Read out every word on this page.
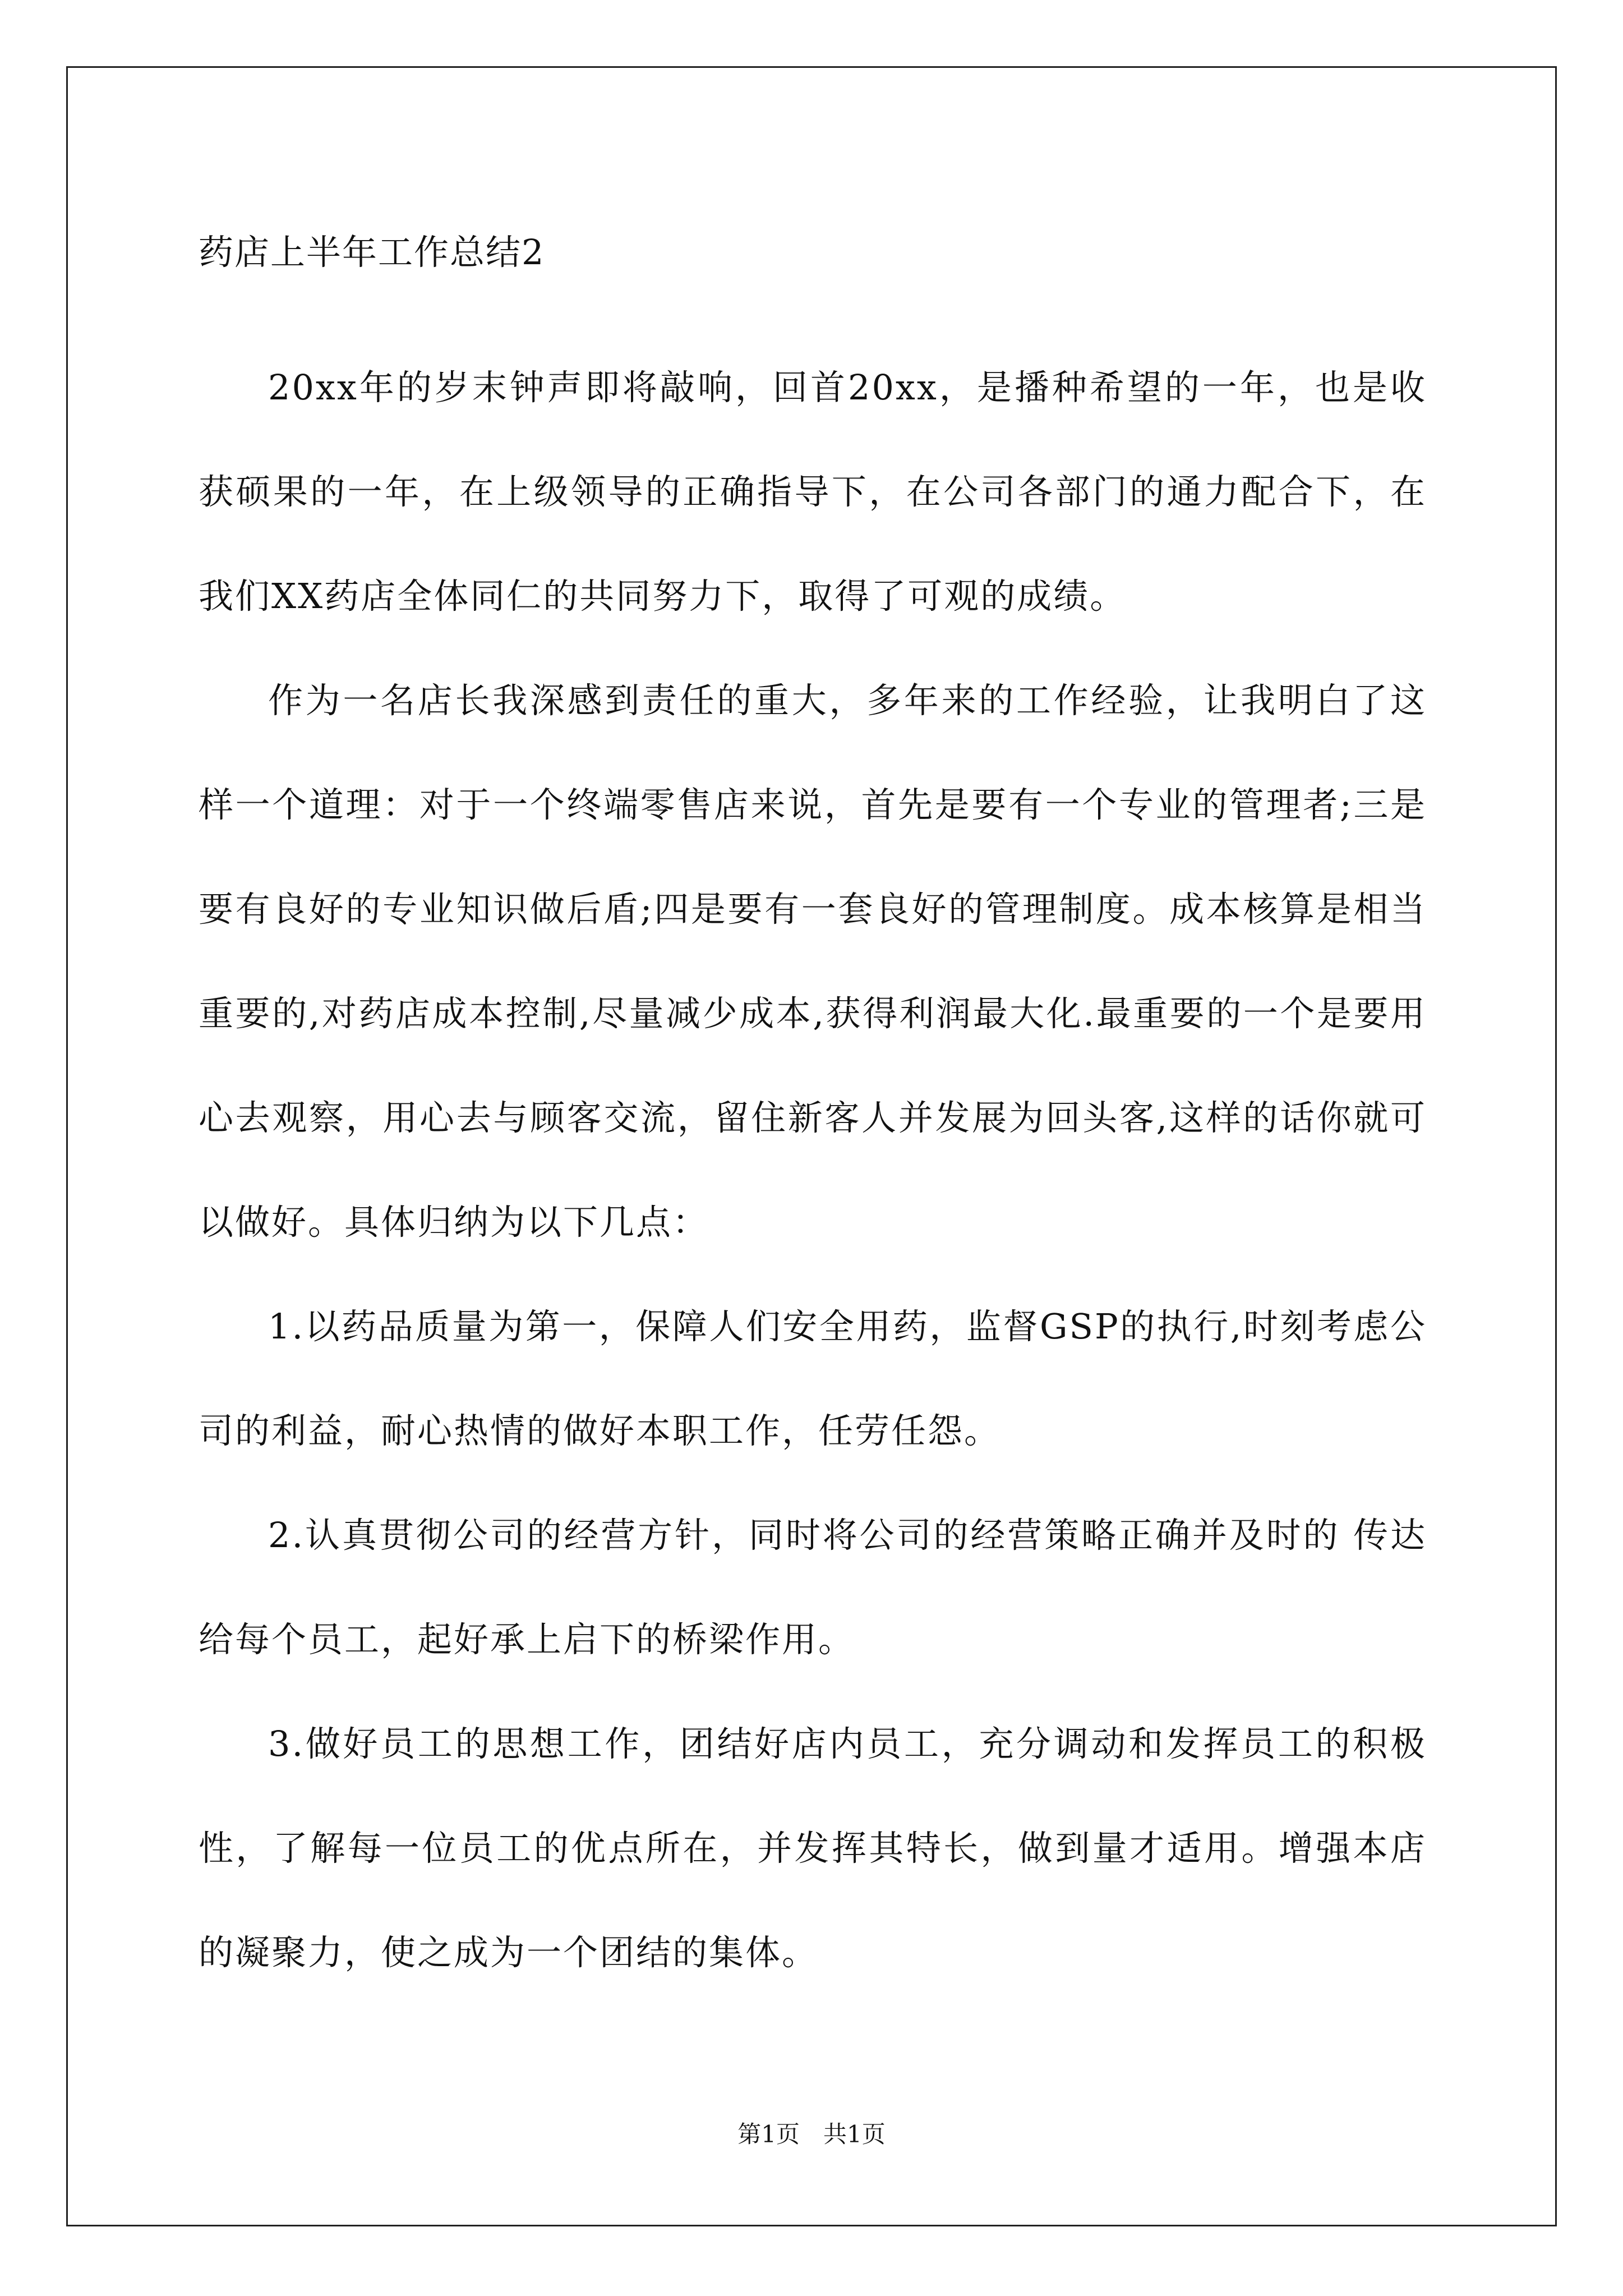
药店上半年工作总结2

20xx年的岁末钟声即将敲响，回首20xx，是播种希望的一年，也是收获硕果的一年，在上级领导的正确指导下，在公司各部门的通力配合下，在我们XX药店全体同仁的共同努力下，取得了可观的成绩。

作为一名店长我深感到责任的重大，多年来的工作经验，让我明白了这样一个道理：对于一个终端零售店来说，首先是要有一个专业的管理者;三是要有良好的专业知识做后盾;四是要有一套良好的管理制度。成本核算是相当重要的,对药店成本控制,尽量减少成本,获得利润最大化.最重要的一个是要用心去观察，用心去与顾客交流，留住新客人并发展为回头客,这样的话你就可以做好。具体归纳为以下几点：

1.以药品质量为第一，保障人们安全用药，监督GSP的执行,时刻考虑公司的利益，耐心热情的做好本职工作，任劳任怨。

2.认真贯彻公司的经营方针，同时将公司的经营策略正确并及时的 传达给每个员工，起好承上启下的桥梁作用。

3.做好员工的思想工作，团结好店内员工，充分调动和发挥员工的积极性，了解每一位员工的优点所在，并发挥其特长，做到量才适用。增强本店的凝聚力，使之成为一个团结的集体。

第1页　共1页
